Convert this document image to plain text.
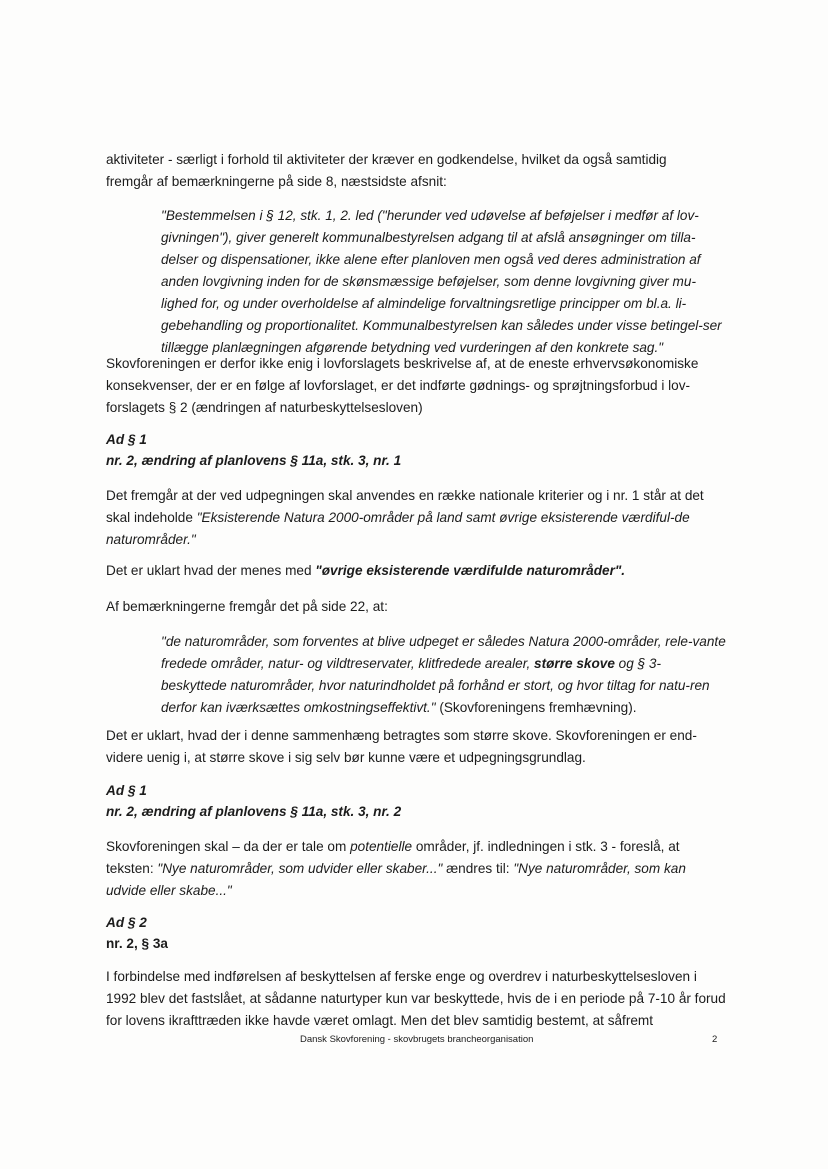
aktiviteter - særligt i forhold til aktiviteter der kræver en godkendelse, hvilket da også samtidig
fremgår af bemærkningerne på side 8, næstsidste afsnit:

"Bestemmelsen i § 12, stk. 1, 2. led ("herunder ved udøvelse af beføjelser i medfør af lov-givningen"), giver generelt kommunalbestyrelsen adgang til at afslå ansøgninger om tilla-delser og dispensationer, ikke alene efter planloven men også ved deres administration af anden lovgivning inden for de skønsmæssige beføjelser, som denne lovgivning giver mu-lighed for, og under overholdelse af almindelige forvaltningsretlige principper om bl.a. li-gebehandling og proportionalitet. Kommunalbestyrelsen kan således under visse betingel-ser tillægge planlægningen afgørende betydning ved vurderingen af den konkrete sag."

Skovforeningen er derfor ikke enig i lovforslagets beskrivelse af, at de eneste erhvervsøkonomiske konsekvenser, der er en følge af lovforslaget, er det indførte gødnings- og sprøjtningsforbud i lov-forslagets § 2 (ændringen af naturbeskyttelsesloven)

Ad § 1

nr. 2, ændring af planlovens § 11a, stk. 3, nr. 1

Det fremgår at der ved udpegningen skal anvendes en række nationale kriterier og i nr. 1 står at det skal indeholde "Eksisterende Natura 2000-områder på land samt øvrige eksisterende værdiful-de naturområder."

Det er uklart hvad der menes med "øvrige eksisterende værdifulde naturområder".

Af bemærkningerne fremgår det på side 22, at:

"de naturområder, som forventes at blive udpeget er således Natura 2000-områder, rele-vante fredede områder, natur- og vildtreservater, klitfredede arealer, større skove og § 3-beskyttede naturområder, hvor naturindholdet på forhånd er stort, og hvor tiltag for natu-ren derfor kan iværksættes omkostningseffektivt." (Skovforeningens fremhævning).

Det er uklart, hvad der i denne sammenhæng betragtes som større skove. Skovforeningen er end-videre uenig i, at større skove i sig selv bør kunne være et udpegningsgrundlag.

Ad § 1

nr. 2, ændring af planlovens § 11a, stk. 3, nr. 2

Skovforeningen skal – da der er tale om potentielle områder, jf. indledningen i stk. 3 - foreslå, at teksten: "Nye naturområder, som udvider eller skaber..." ændres til: "Nye naturområder, som kan udvide eller skabe..."

Ad § 2

nr. 2, § 3a

I forbindelse med indførelsen af beskyttelsen af ferske enge og overdrev i naturbeskyttelsesloven i 1992 blev det fastslået, at sådanne naturtyper kun var beskyttede, hvis de i en periode på 7-10 år forud for lovens ikrafttræden ikke havde været omlagt. Men det blev samtidig bestemt, at såfremt

Dansk Skovforening - skovbrugets brancheorganisation	2
